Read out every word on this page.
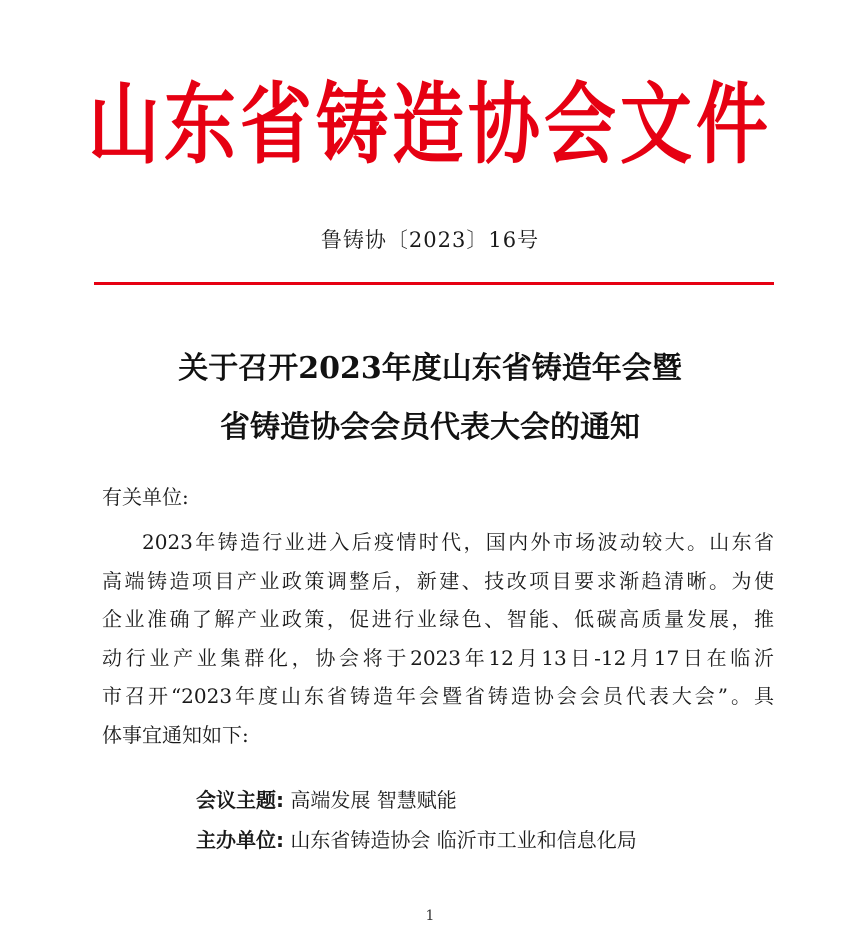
山东省铸造协会文件
鲁铸协〔2023〕16号
关于召开2023年度山东省铸造年会暨
省铸造协会会员代表大会的通知
有关单位:
2023年铸造行业进入后疫情时代，国内外市场波动较大。山东省
高端铸造项目产业政策调整后，新建、技改项目要求渐趋清晰。为使
企业准确了解产业政策，促进行业绿色、智能、低碳高质量发展，推
动行业产业集群化，协会将于2023年12月13日-12月17日在临沂
市召开“2023年度山东省铸造年会暨省铸造协会会员代表大会”。具
体事宜通知如下:
会议主题: 高端发展 智慧赋能
主办单位: 山东省铸造协会 临沂市工业和信息化局
1
